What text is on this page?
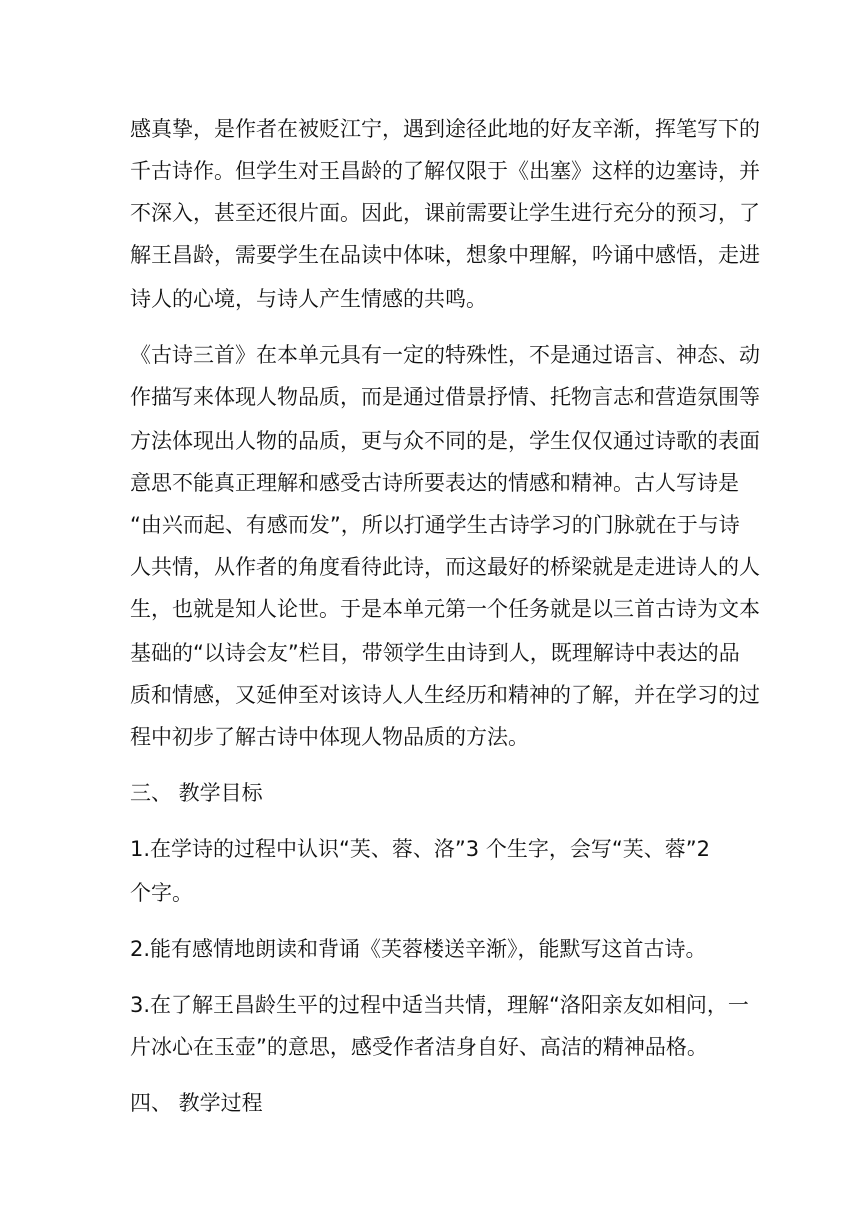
感真挚，是作者在被贬江宁，遇到途径此地的好友辛渐，挥笔写下的
千古诗作。但学生对王昌龄的了解仅限于《出塞》这样的边塞诗，并
不深入，甚至还很片面。因此，课前需要让学生进行充分的预习，了
解王昌龄，需要学生在品读中体味，想象中理解，吟诵中感悟，走进
诗人的心境，与诗人产生情感的共鸣。
《古诗三首》在本单元具有一定的特殊性，不是通过语言、神态、动
作描写来体现人物品质，而是通过借景抒情、托物言志和营造氛围等
方法体现出人物的品质，更与众不同的是，学生仅仅通过诗歌的表面
意思不能真正理解和感受古诗所要表达的情感和精神。古人写诗是
“由兴而起、有感而发”，所以打通学生古诗学习的门脉就在于与诗
人共情，从作者的角度看待此诗，而这最好的桥梁就是走进诗人的人
生，也就是知人论世。于是本单元第一个任务就是以三首古诗为文本
基础的“以诗会友”栏目，带领学生由诗到人，既理解诗中表达的品
质和情感，又延伸至对该诗人人生经历和精神的了解，并在学习的过
程中初步了解古诗中体现人物品质的方法。
三、 教学目标
1.在学诗的过程中认识“芙、蓉、洛”3 个生字，会写“芙、蓉”2
个字。
2.能有感情地朗读和背诵《芙蓉楼送辛渐》，能默写这首古诗。
3.在了解王昌龄生平的过程中适当共情，理解“洛阳亲友如相问，一
片冰心在玉壶”的意思，感受作者洁身自好、高洁的精神品格。
四、 教学过程
